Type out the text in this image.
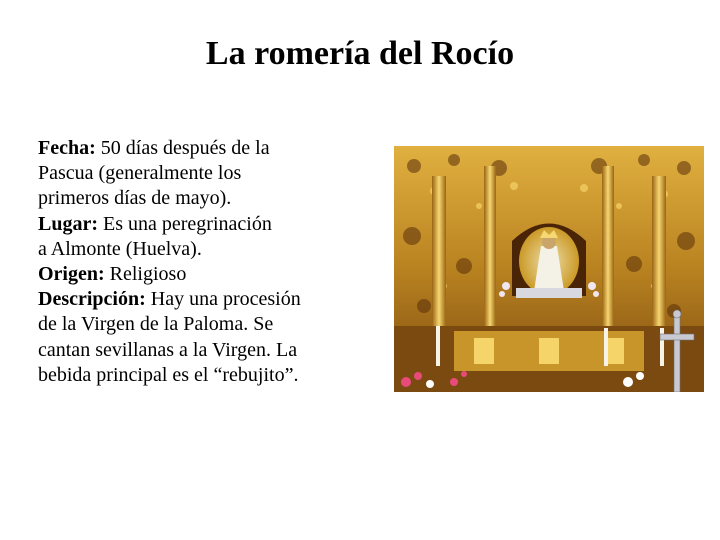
La romería del Rocío
Fecha: 50 días después de la
Pascua (generalmente los
primeros días de mayo).
Lugar: Es una peregrinación
a Almonte (Huelva).
Origen: Religioso
Descripción: Hay una procesión
de la Virgen de la Paloma. Se
cantan sevillanas a la Virgen. La
bebida principal es el “rebujito”.
